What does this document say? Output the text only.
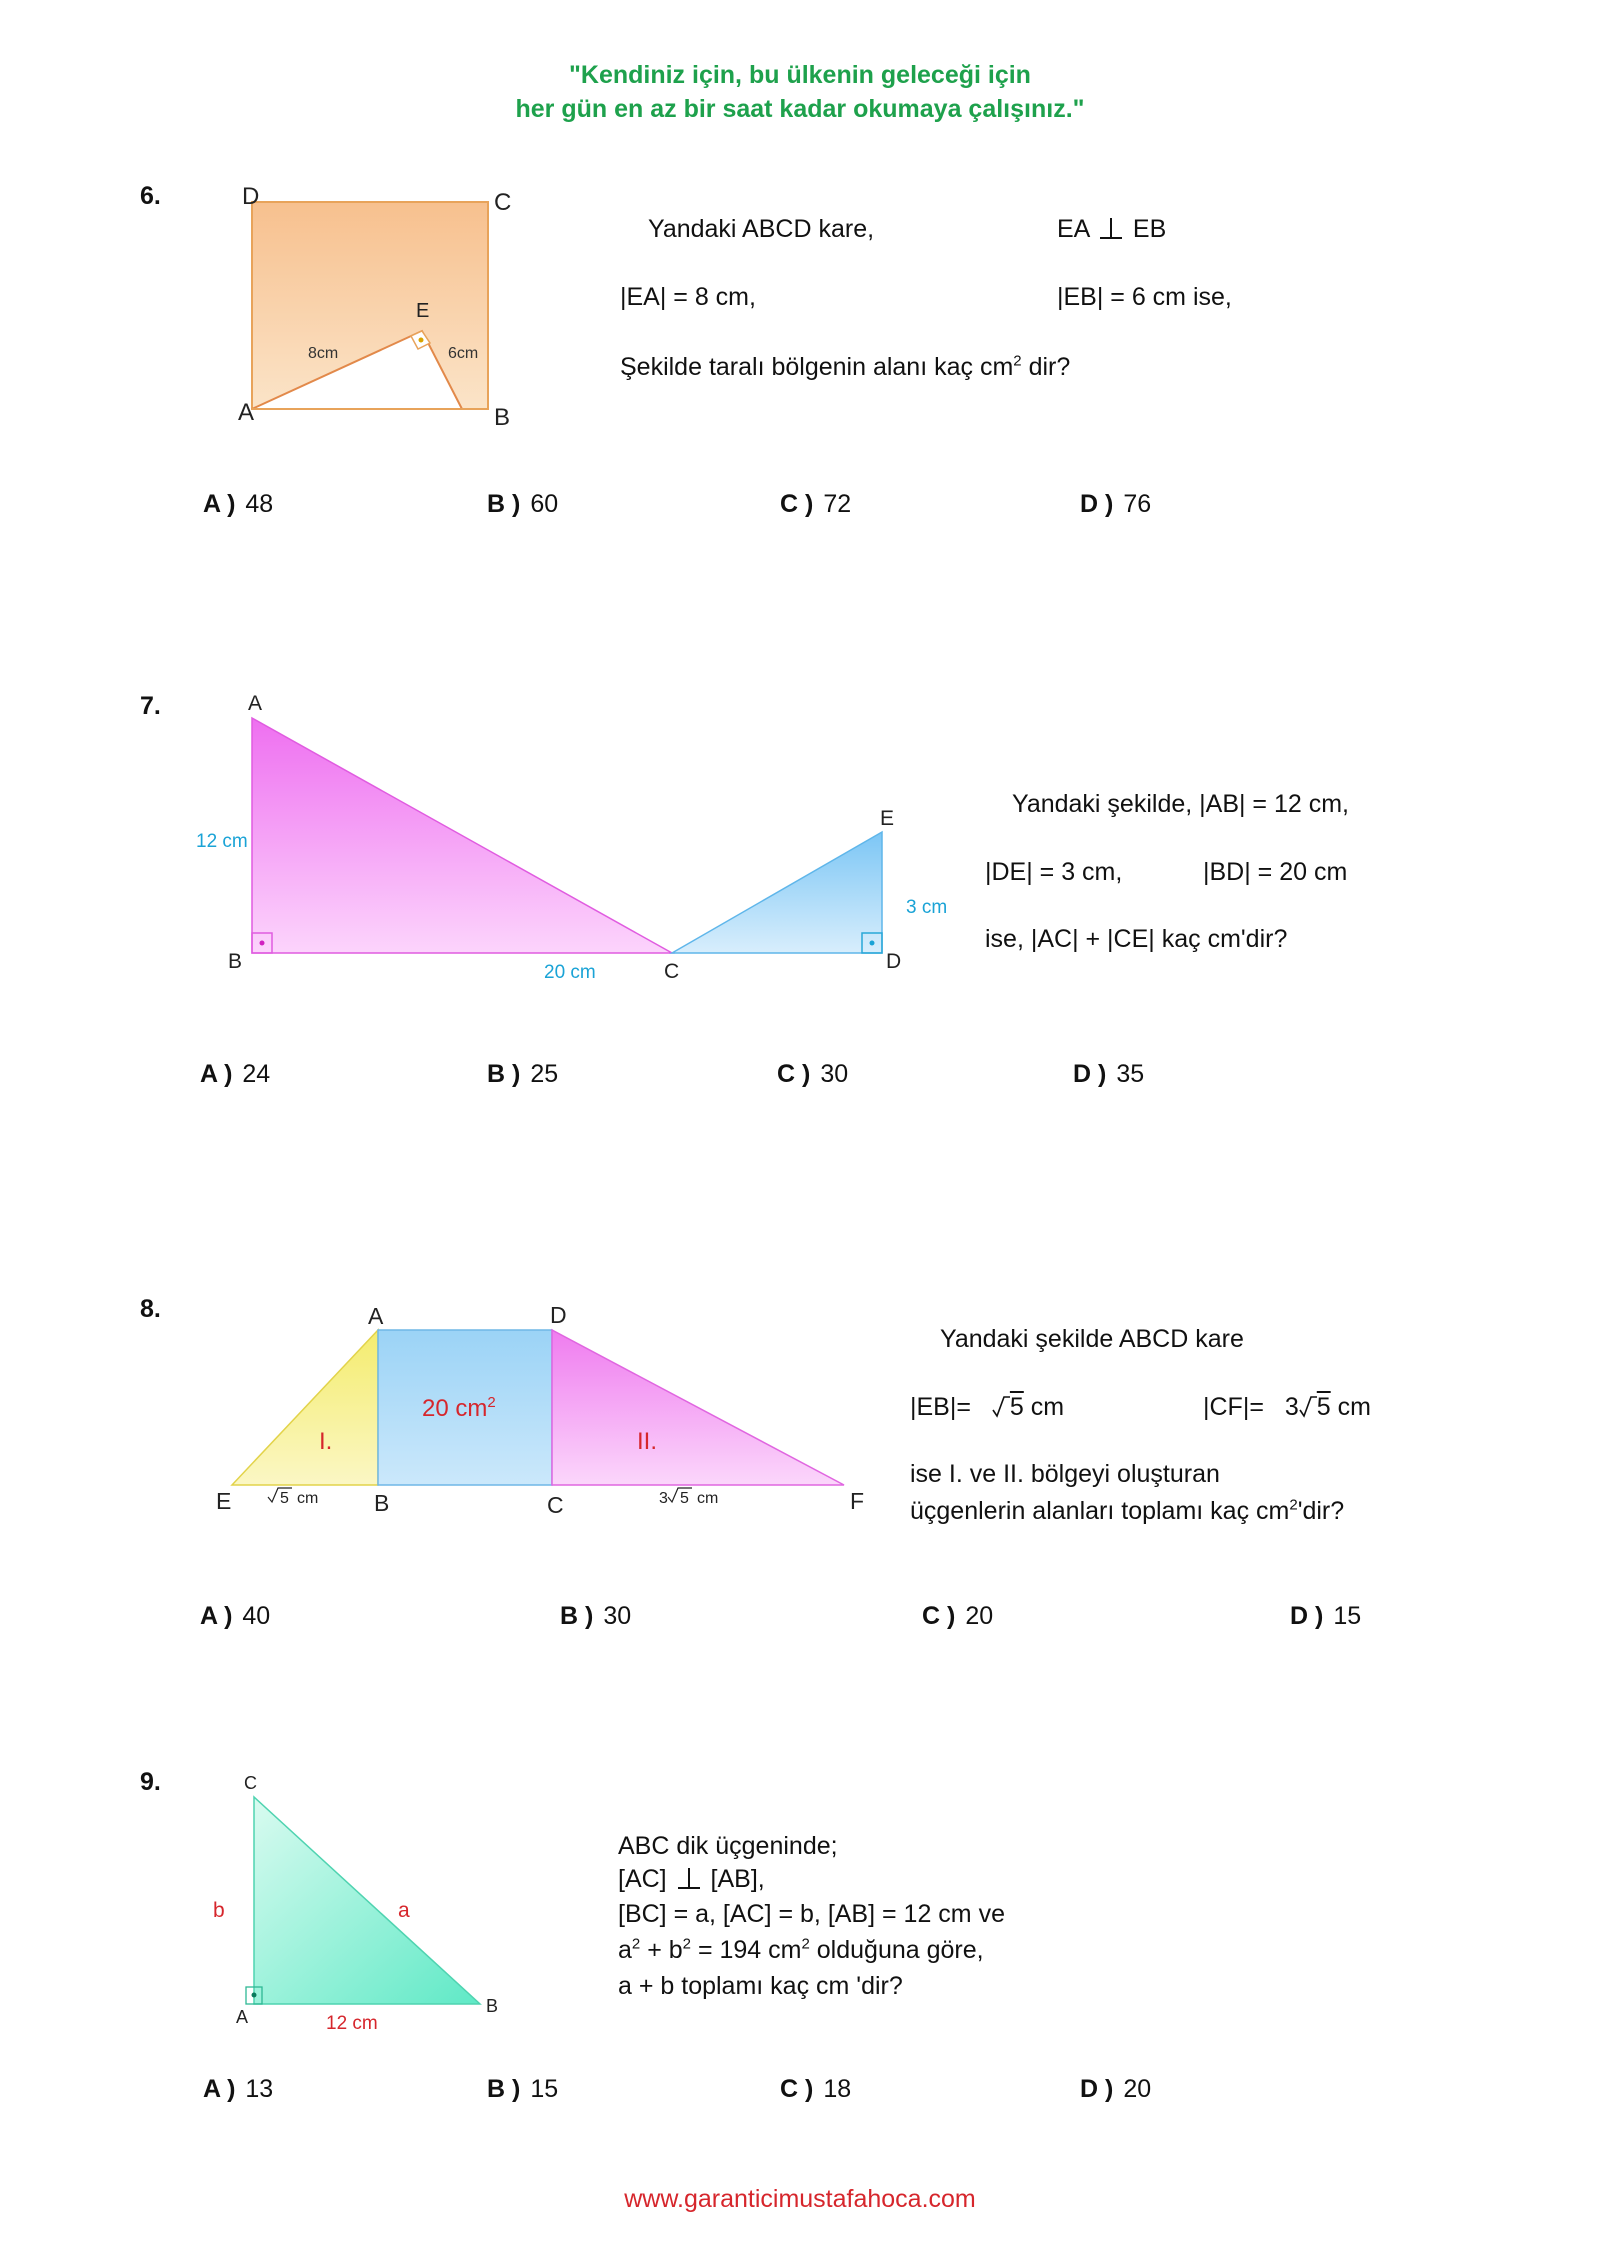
"Kendiniz için, bu ülkenin geleceği için
her gün en az bir saat kadar okumaya çalışınız."
6.	D	C
E
A	B
8cm	6cm
Yandaki ABCD kare,	EA EB
|EA| = 8 cm,	|EB| = 6 cm ise,
Şekilde taralı bölgenin alanı kaç $cm^2$ dir?
A ) 48	B ) 60	C ) 72	D ) 76
7.	A
B	C	D
E
12 cm
20 cm
3 cm
Yandaki şekilde, |AB| = 12 cm,
|DE| = 3 cm,	|BD| = 20 cm
ise, |AC| + |CE| kaç cm'dir?
A ) 24	B ) 25	C ) 30	D ) 35
8.	A	D
E	B	C	F
20 $cm^2$
I.	II.
5 cm	3 5 cm
Yandaki şekilde ABCD kare
|EB|= 5 cm	|CF|= 3 5 cm
ise I. ve II. bölgeyi oluşturan
üçgenlerin alanları toplamı kaç $cm^2'dir$?
A ) 40	B ) 30	C ) 20	D ) 15
9.	C
A
B
b	a
12 cm
ABC dik üçgeninde;
[AC] [AB],
[BC] = a, [AC] = b, [AB] = 12 cm ve
$a^2 + b^2 = 194$ $cm^2$ olduğuna göre,
a + b toplamı kaç cm 'dir?
A ) 13	B ) 15	C ) 18	D ) 20
www.garanticimustafahoca.com
